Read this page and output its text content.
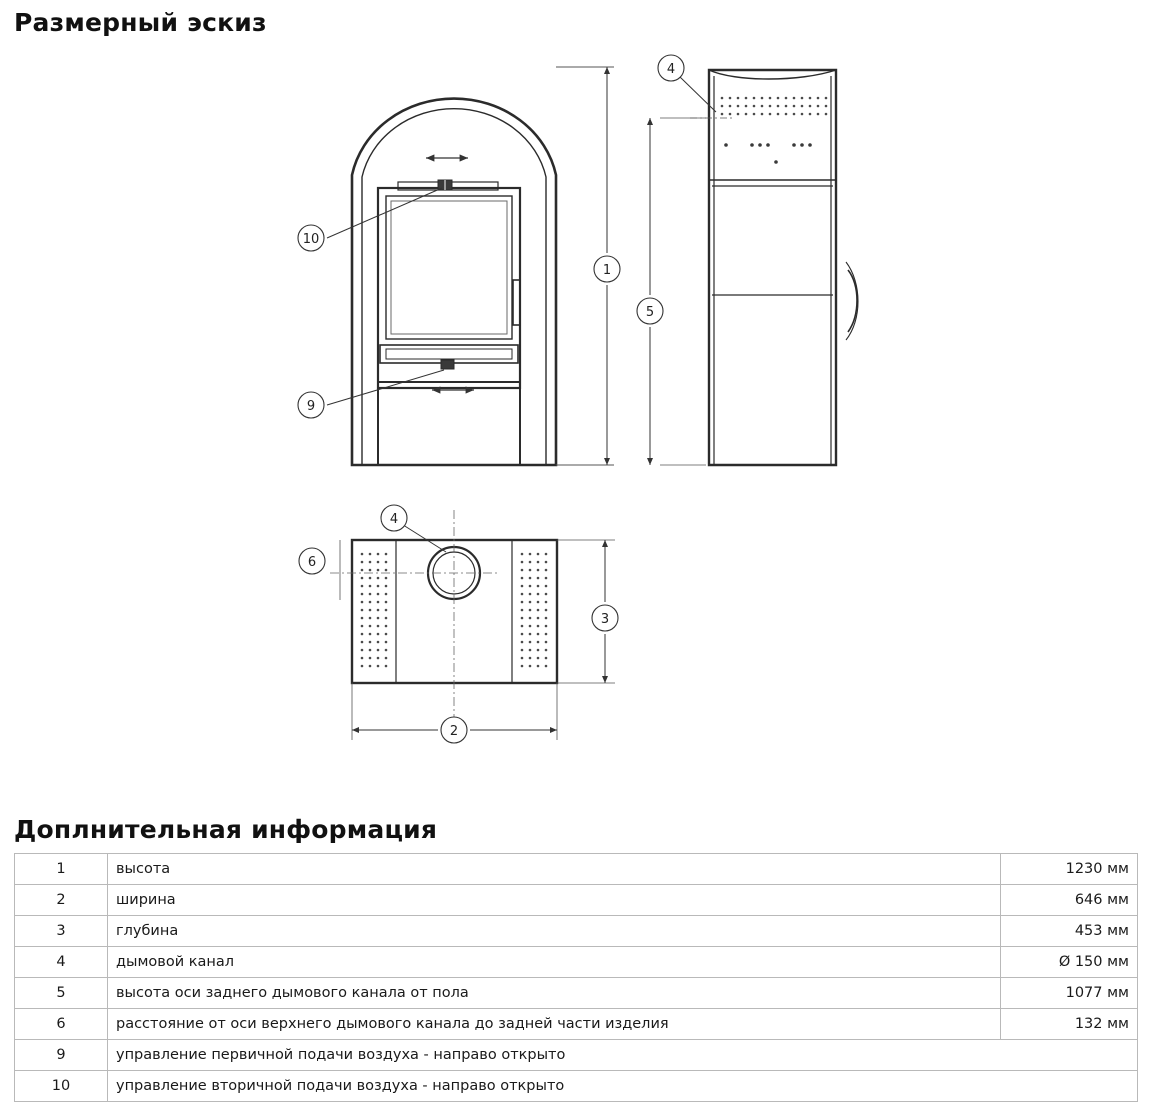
Размерный эскиз
Доплнительная информация
10
9
1
4
5
4
6
3
2
1	высота	1230 мм
2	ширина	646 мм
3	глубина	453 мм
4	дымовой канал	Ø 150 мм
5	высота оси заднего дымового канала от пола	1077 мм
6	расстояние от оси верхнего дымового канала до задней части изделия	132 мм
9	управление первичной подачи воздуха - направо открыто	
10	управление вторичной подачи воздуха - направо открыто	
